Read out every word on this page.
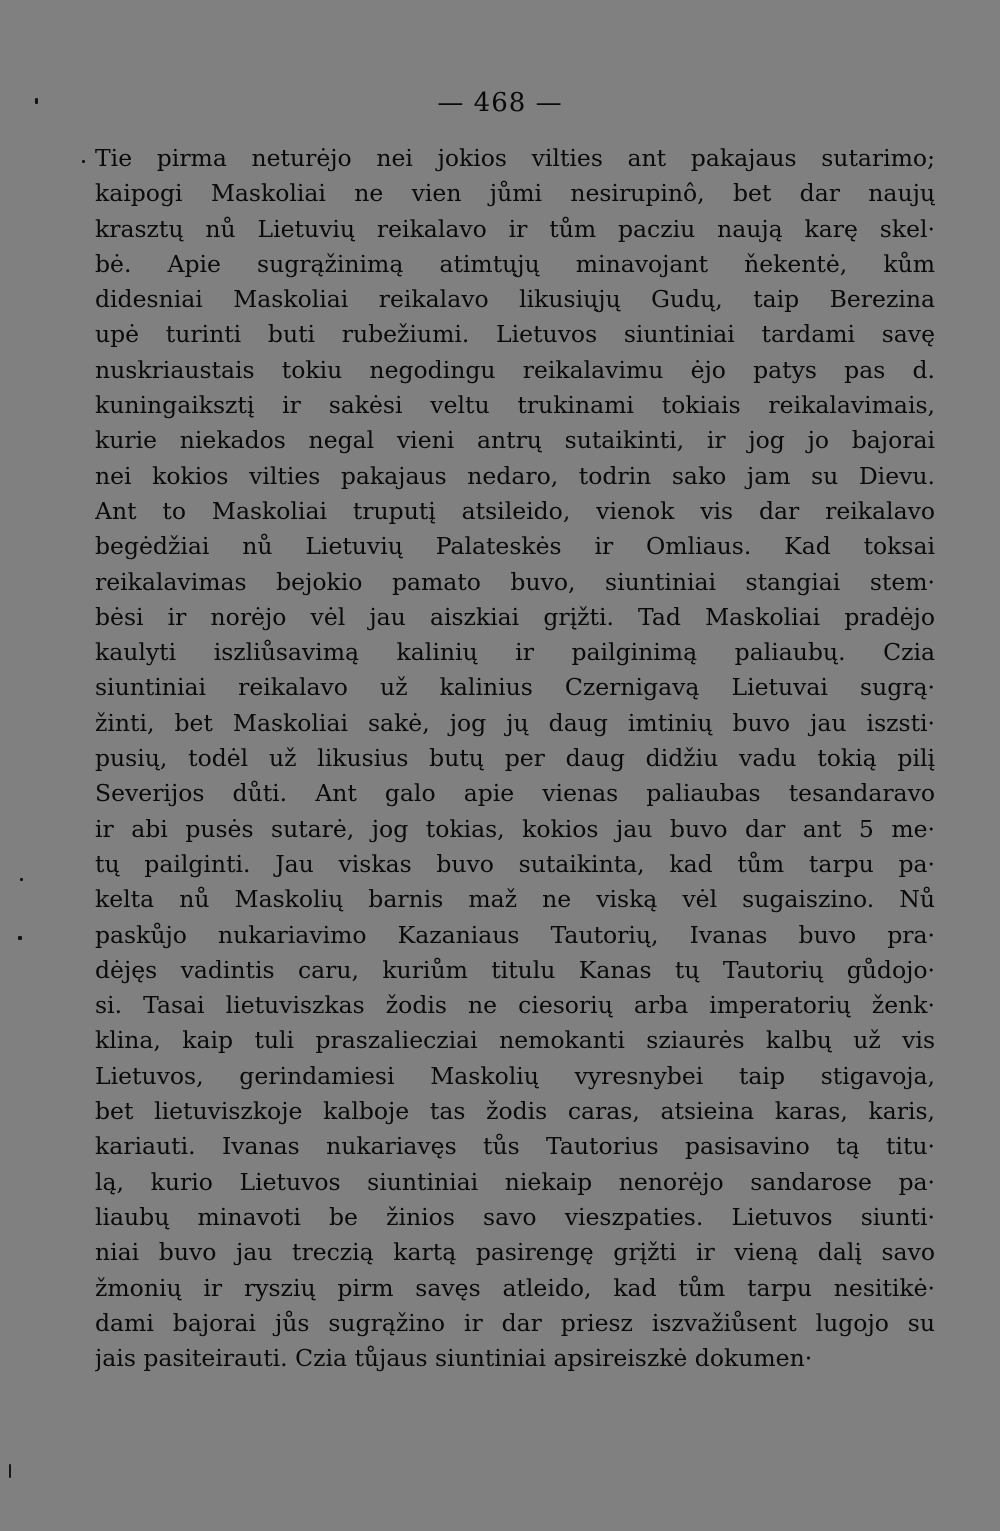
— 468 —
Tie pirma neturėjo nei jokios vilties ant pakajaus sutarimo;
kaipogi Maskoliai ne vien jůmi nesirupinô, bet dar naujų
krasztų nů Lietuvių reikalavo ir tům pacziu naują karę skel·
bė. Apie sugrąžinimą atimtųjų minavojant ňekentė, kům
didesniai Maskoliai reikalavo likusiųjų Gudų, taip Berezina
upė turinti buti rubežiumi. Lietuvos siuntiniai tardami savę
nuskriaustais tokiu negodingu reikalavimu ėjo patys pas d.
kuningaiksztį ir sakėsi veltu trukinami tokiais reikalavimais,
kurie niekados negal vieni antrų sutaikinti, ir jog jo bajorai
nei kokios vilties pakajaus nedaro, todrin sako jam su Dievu.
Ant to Maskoliai truputį atsileido, vienok vis dar reikalavo
begėdžiai nů Lietuvių Palateskės ir Omliaus. Kad toksai
reikalavimas bejokio pamato buvo, siuntiniai stangiai stem·
bėsi ir norėjo vėl jau aiszkiai grįžti. Tad Maskoliai pradėjo
kaulyti iszliůsavimą kalinių ir pailginimą paliaubų. Czia
siuntiniai reikalavo už kalinius Czernigavą Lietuvai sugrą·
žinti, bet Maskoliai sakė, jog jų daug imtinių buvo jau iszsti·
pusių, todėl už likusius butų per daug didžiu vadu tokią pilį
Severijos důti. Ant galo apie vienas paliaubas tesandaravo
ir abi pusės sutarė, jog tokias, kokios jau buvo dar ant 5 me·
tų pailginti. Jau viskas buvo sutaikinta, kad tům tarpu pa·
kelta nů Maskolių barnis maž ne viską vėl sugaiszino. Nů
paskůjo nukariavimo Kazaniaus Tautorių, Ivanas buvo pra·
dėjęs vadintis caru, kuriům titulu Kanas tų Tautorių gůdojo·
si. Tasai lietuviszkas žodis ne ciesorių arba imperatorių ženk·
klina, kaip tuli praszaliecziai nemokanti sziaurės kalbų už vis
Lietuvos, gerindamiesi Maskolių vyresnybei taip stigavoja,
bet lietuviszkoje kalboje tas žodis caras, atsieina karas, karis,
kariauti. Ivanas nukariavęs tůs Tautorius pasisavino tą titu·
lą, kurio Lietuvos siuntiniai niekaip nenorėjo sandarose pa·
liaubų minavoti be žinios savo vieszpaties. Lietuvos siunti·
niai buvo jau treczią kartą pasirengę grįžti ir vieną dalį savo
žmonių ir ryszių pirm savęs atleido, kad tům tarpu nesitikė·
dami bajorai jůs sugrąžino ir dar priesz iszvažiůsent lugojo su
jais pasiteirauti. Czia tůjaus siuntiniai apsireiszkė dokumen·
